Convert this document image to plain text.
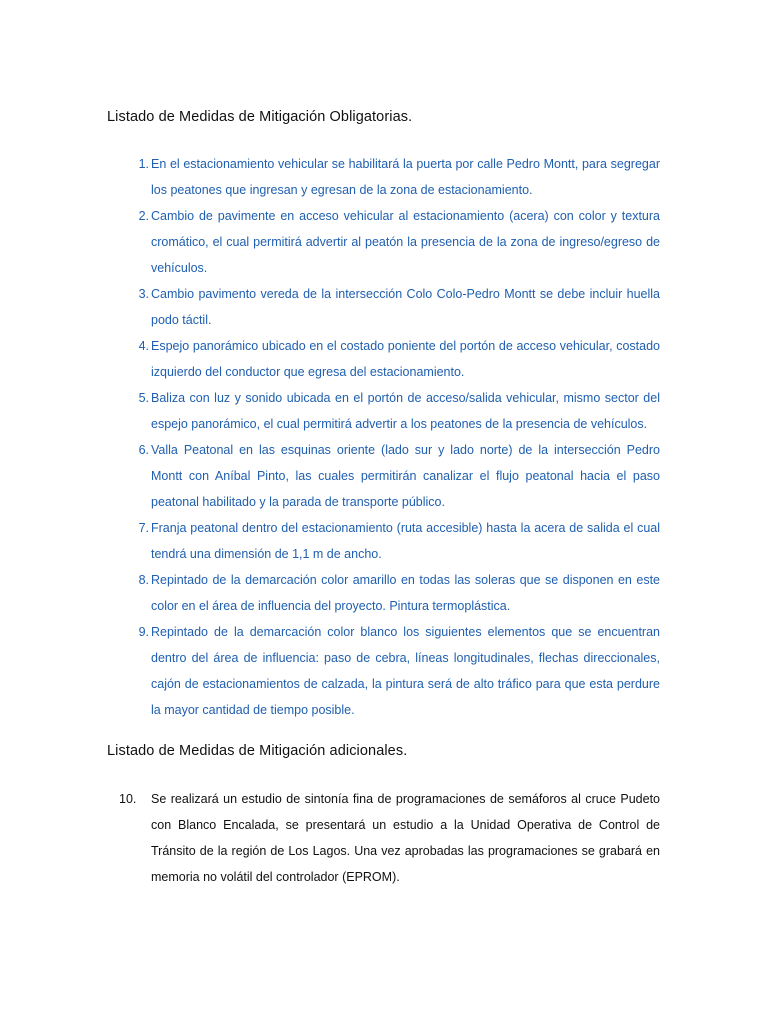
Listado de Medidas de Mitigación Obligatorias.
1. En el estacionamiento vehicular se habilitará la puerta por calle Pedro Montt, para segregar los peatones que ingresan y egresan de la zona de estacionamiento.
2. Cambio de pavimente en acceso vehicular al estacionamiento (acera) con color y textura cromático, el cual permitirá advertir al peatón la presencia de la zona de ingreso/egreso de vehículos.
3. Cambio pavimento vereda de la intersección Colo Colo-Pedro Montt se debe incluir huella podo táctil.
4. Espejo panorámico ubicado en el costado poniente del portón de acceso vehicular, costado izquierdo del conductor que egresa del estacionamiento.
5. Baliza con luz y sonido ubicada en el portón de acceso/salida vehicular, mismo sector del espejo panorámico, el cual permitirá advertir a los peatones de la presencia de vehículos.
6. Valla Peatonal en las esquinas oriente (lado sur y lado norte) de la intersección Pedro Montt con Aníbal Pinto, las cuales permitirán canalizar el flujo peatonal hacia el paso peatonal habilitado y la parada de transporte público.
7. Franja peatonal dentro del estacionamiento (ruta accesible) hasta la acera de salida el cual tendrá una dimensión de 1,1 m de ancho.
8. Repintado de la demarcación color amarillo en todas las soleras que se disponen en este color en el área de influencia del proyecto. Pintura termoplástica.
9. Repintado de la demarcación color blanco los siguientes elementos que se encuentran dentro del área de influencia: paso de cebra, líneas longitudinales, flechas direccionales, cajón de estacionamientos de calzada, la pintura será de alto tráfico para que esta perdure la mayor cantidad de tiempo posible.
Listado de Medidas de Mitigación adicionales.
10.	Se realizará un estudio de sintonía fina de programaciones de semáforos al cruce Pudeto con Blanco Encalada, se presentará un estudio a la Unidad Operativa de Control de Tránsito de la región de Los Lagos. Una vez aprobadas las programaciones se grabará en memoria no volátil del controlador (EPROM).
